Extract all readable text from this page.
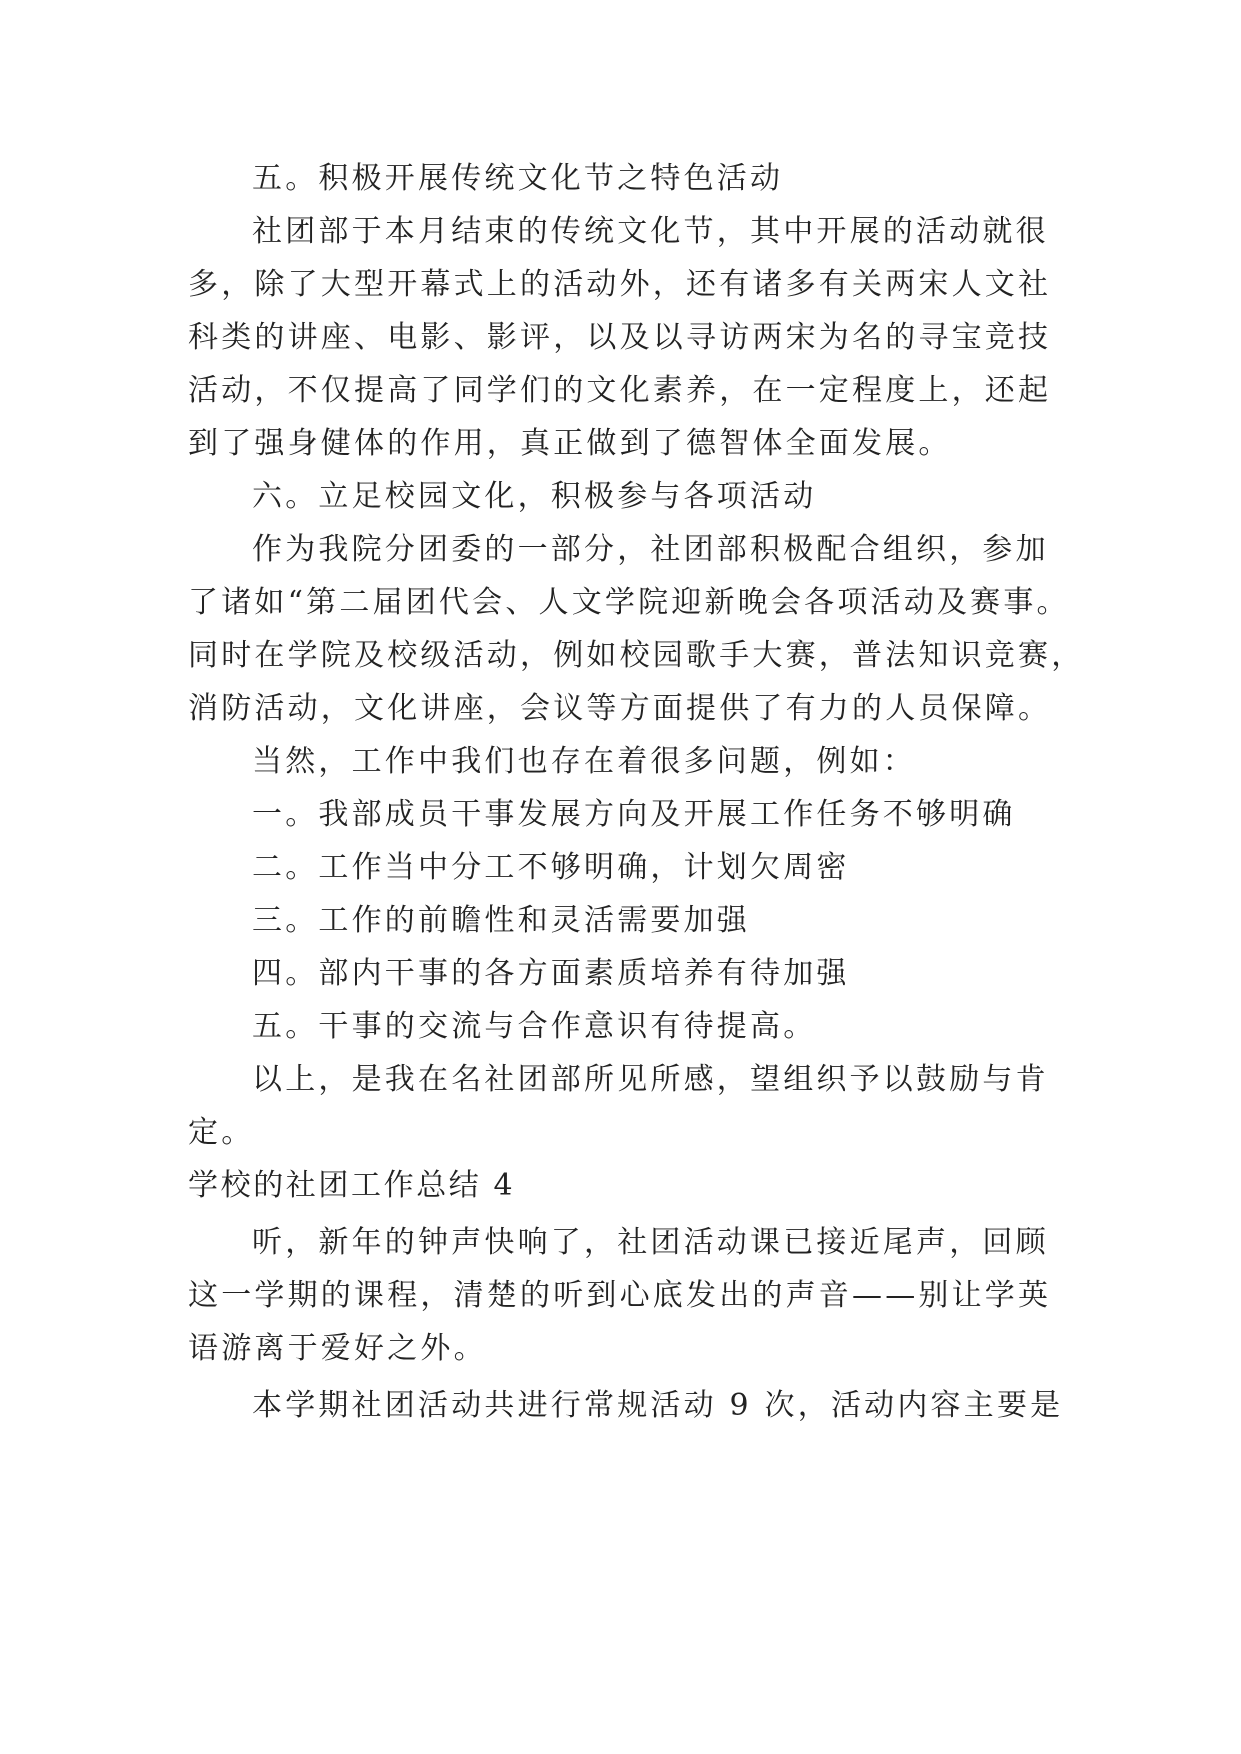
五。积极开展传统文化节之特色活动
社团部于本月结束的传统文化节，其中开展的活动就很
多，除了大型开幕式上的活动外，还有诸多有关两宋人文社
科类的讲座、电影、影评，以及以寻访两宋为名的寻宝竞技
活动，不仅提高了同学们的文化素养，在一定程度上，还起
到了强身健体的作用，真正做到了德智体全面发展。
六。立足校园文化，积极参与各项活动
作为我院分团委的一部分，社团部积极配合组织，参加
了诸如“第二届团代会、人文学院迎新晚会各项活动及赛事。
同时在学院及校级活动，例如校园歌手大赛，普法知识竞赛，
消防活动，文化讲座，会议等方面提供了有力的人员保障。
当然，工作中我们也存在着很多问题，例如：
一。我部成员干事发展方向及开展工作任务不够明确
二。工作当中分工不够明确，计划欠周密
三。工作的前瞻性和灵活需要加强
四。部内干事的各方面素质培养有待加强
五。干事的交流与合作意识有待提高。
以上，是我在名社团部所见所感，望组织予以鼓励与肯
定。
学校的社团工作总结 4
听，新年的钟声快响了，社团活动课已接近尾声，回顾
这一学期的课程，清楚的听到心底发出的声音——别让学英
语游离于爱好之外。
本学期社团活动共进行常规活动 9 次，活动内容主要是
